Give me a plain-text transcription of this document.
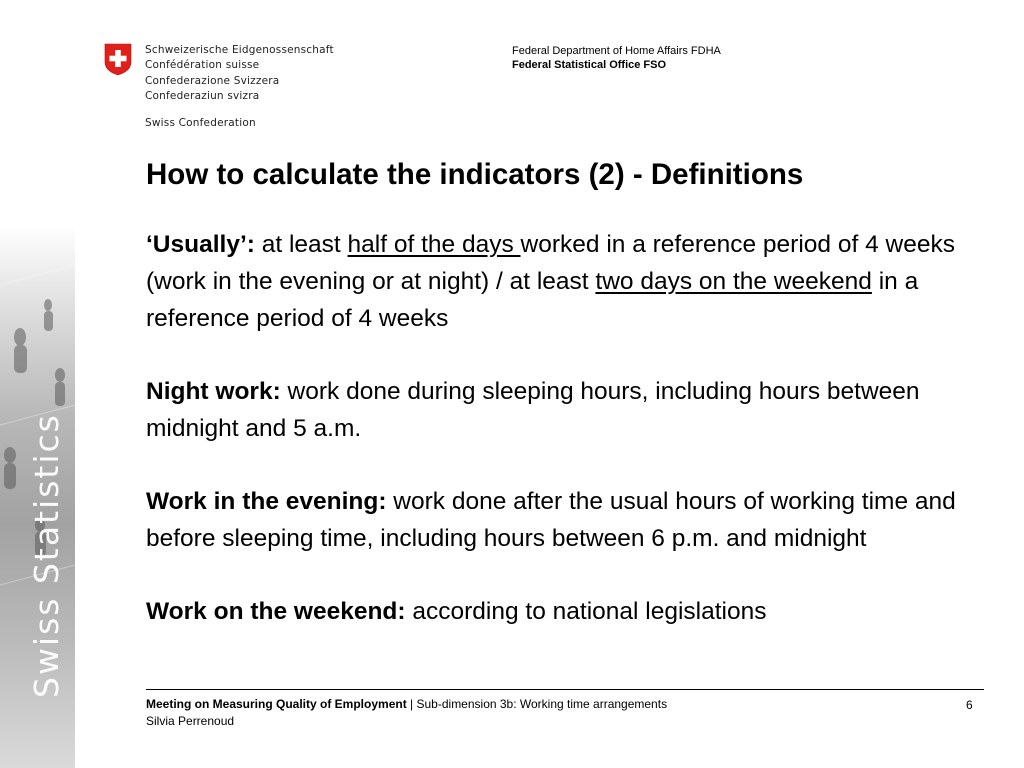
Schweizerische Eidgenossenschaft
Confédération suisse
Confederazione Svizzera
Confederaziun svizra
Swiss Confederation
Federal Department of Home Affairs FDHA
Federal Statistical Office FSO
Swiss Statistics
How to calculate the indicators (2) - Definitions

‘Usually’: at least half of the days worked in a reference period of 4 weeks (work in the evening or at night) / at least two days on the weekend in a reference period of 4 weeks

Night work: work done during sleeping hours, including hours between midnight and 5 a.m.

Work in the evening: work done after the usual hours of working time and before sleeping time, including hours between 6 p.m. and midnight

Work on the weekend: according to national legislations

Meeting on Measuring Quality of Employment | Sub-dimension 3b: Working time arrangements
Silvia Perrenoud
6
